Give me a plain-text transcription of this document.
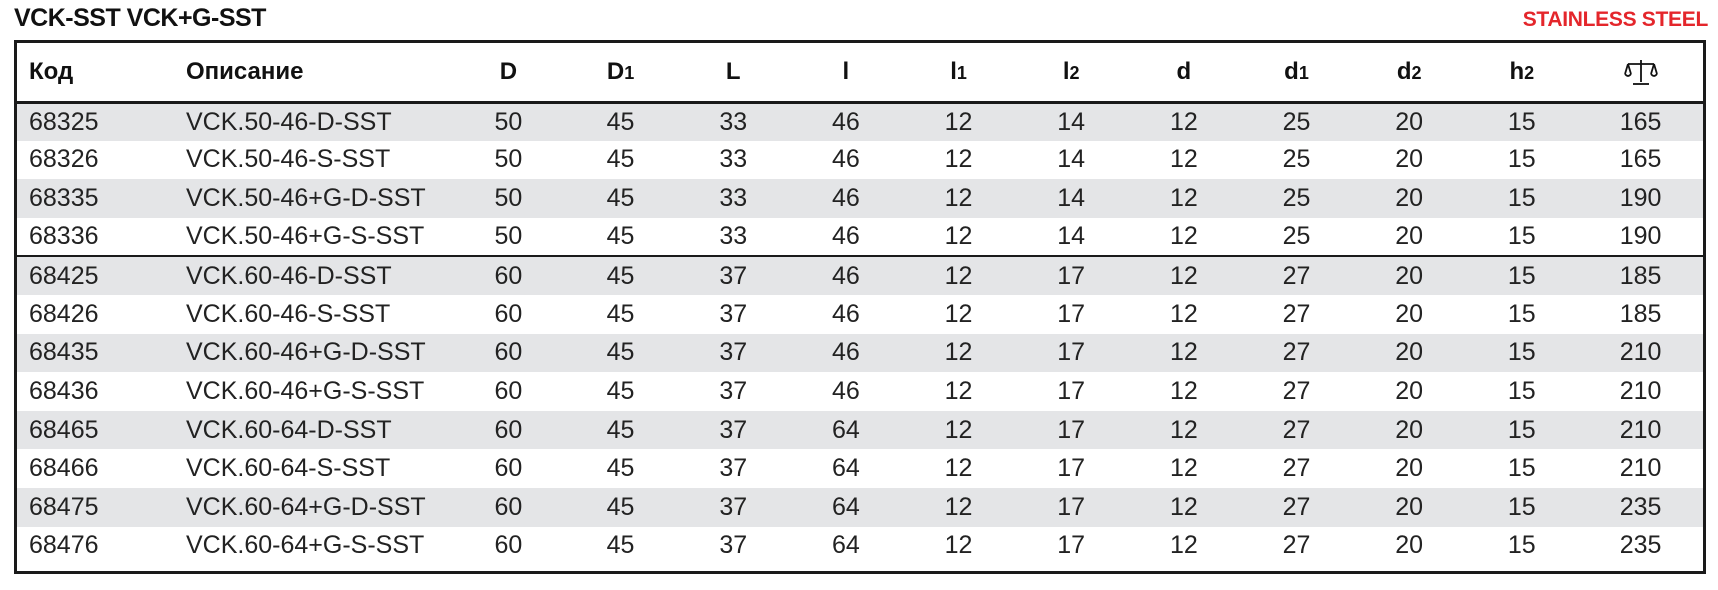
VCK-SST VCK+G-SST	STAINLESS STEEL
Код	Описание	D	D1	L	l	l1	l2	d	d1	d2	h2	
68325	VCK.50-46-D-SST	50	45	33	46	12	14	12	25	20	15	165
68326	VCK.50-46-S-SST	50	45	33	46	12	14	12	25	20	15	165
68335	VCK.50-46+G-D-SST	50	45	33	46	12	14	12	25	20	15	190
68336	VCK.50-46+G-S-SST	50	45	33	46	12	14	12	25	20	15	190
68425	VCK.60-46-D-SST	60	45	37	46	12	17	12	27	20	15	185
68426	VCK.60-46-S-SST	60	45	37	46	12	17	12	27	20	15	185
68435	VCK.60-46+G-D-SST	60	45	37	46	12	17	12	27	20	15	210
68436	VCK.60-46+G-S-SST	60	45	37	46	12	17	12	27	20	15	210
68465	VCK.60-64-D-SST	60	45	37	64	12	17	12	27	20	15	210
68466	VCK.60-64-S-SST	60	45	37	64	12	17	12	27	20	15	210
68475	VCK.60-64+G-D-SST	60	45	37	64	12	17	12	27	20	15	235
68476	VCK.60-64+G-S-SST	60	45	37	64	12	17	12	27	20	15	235
